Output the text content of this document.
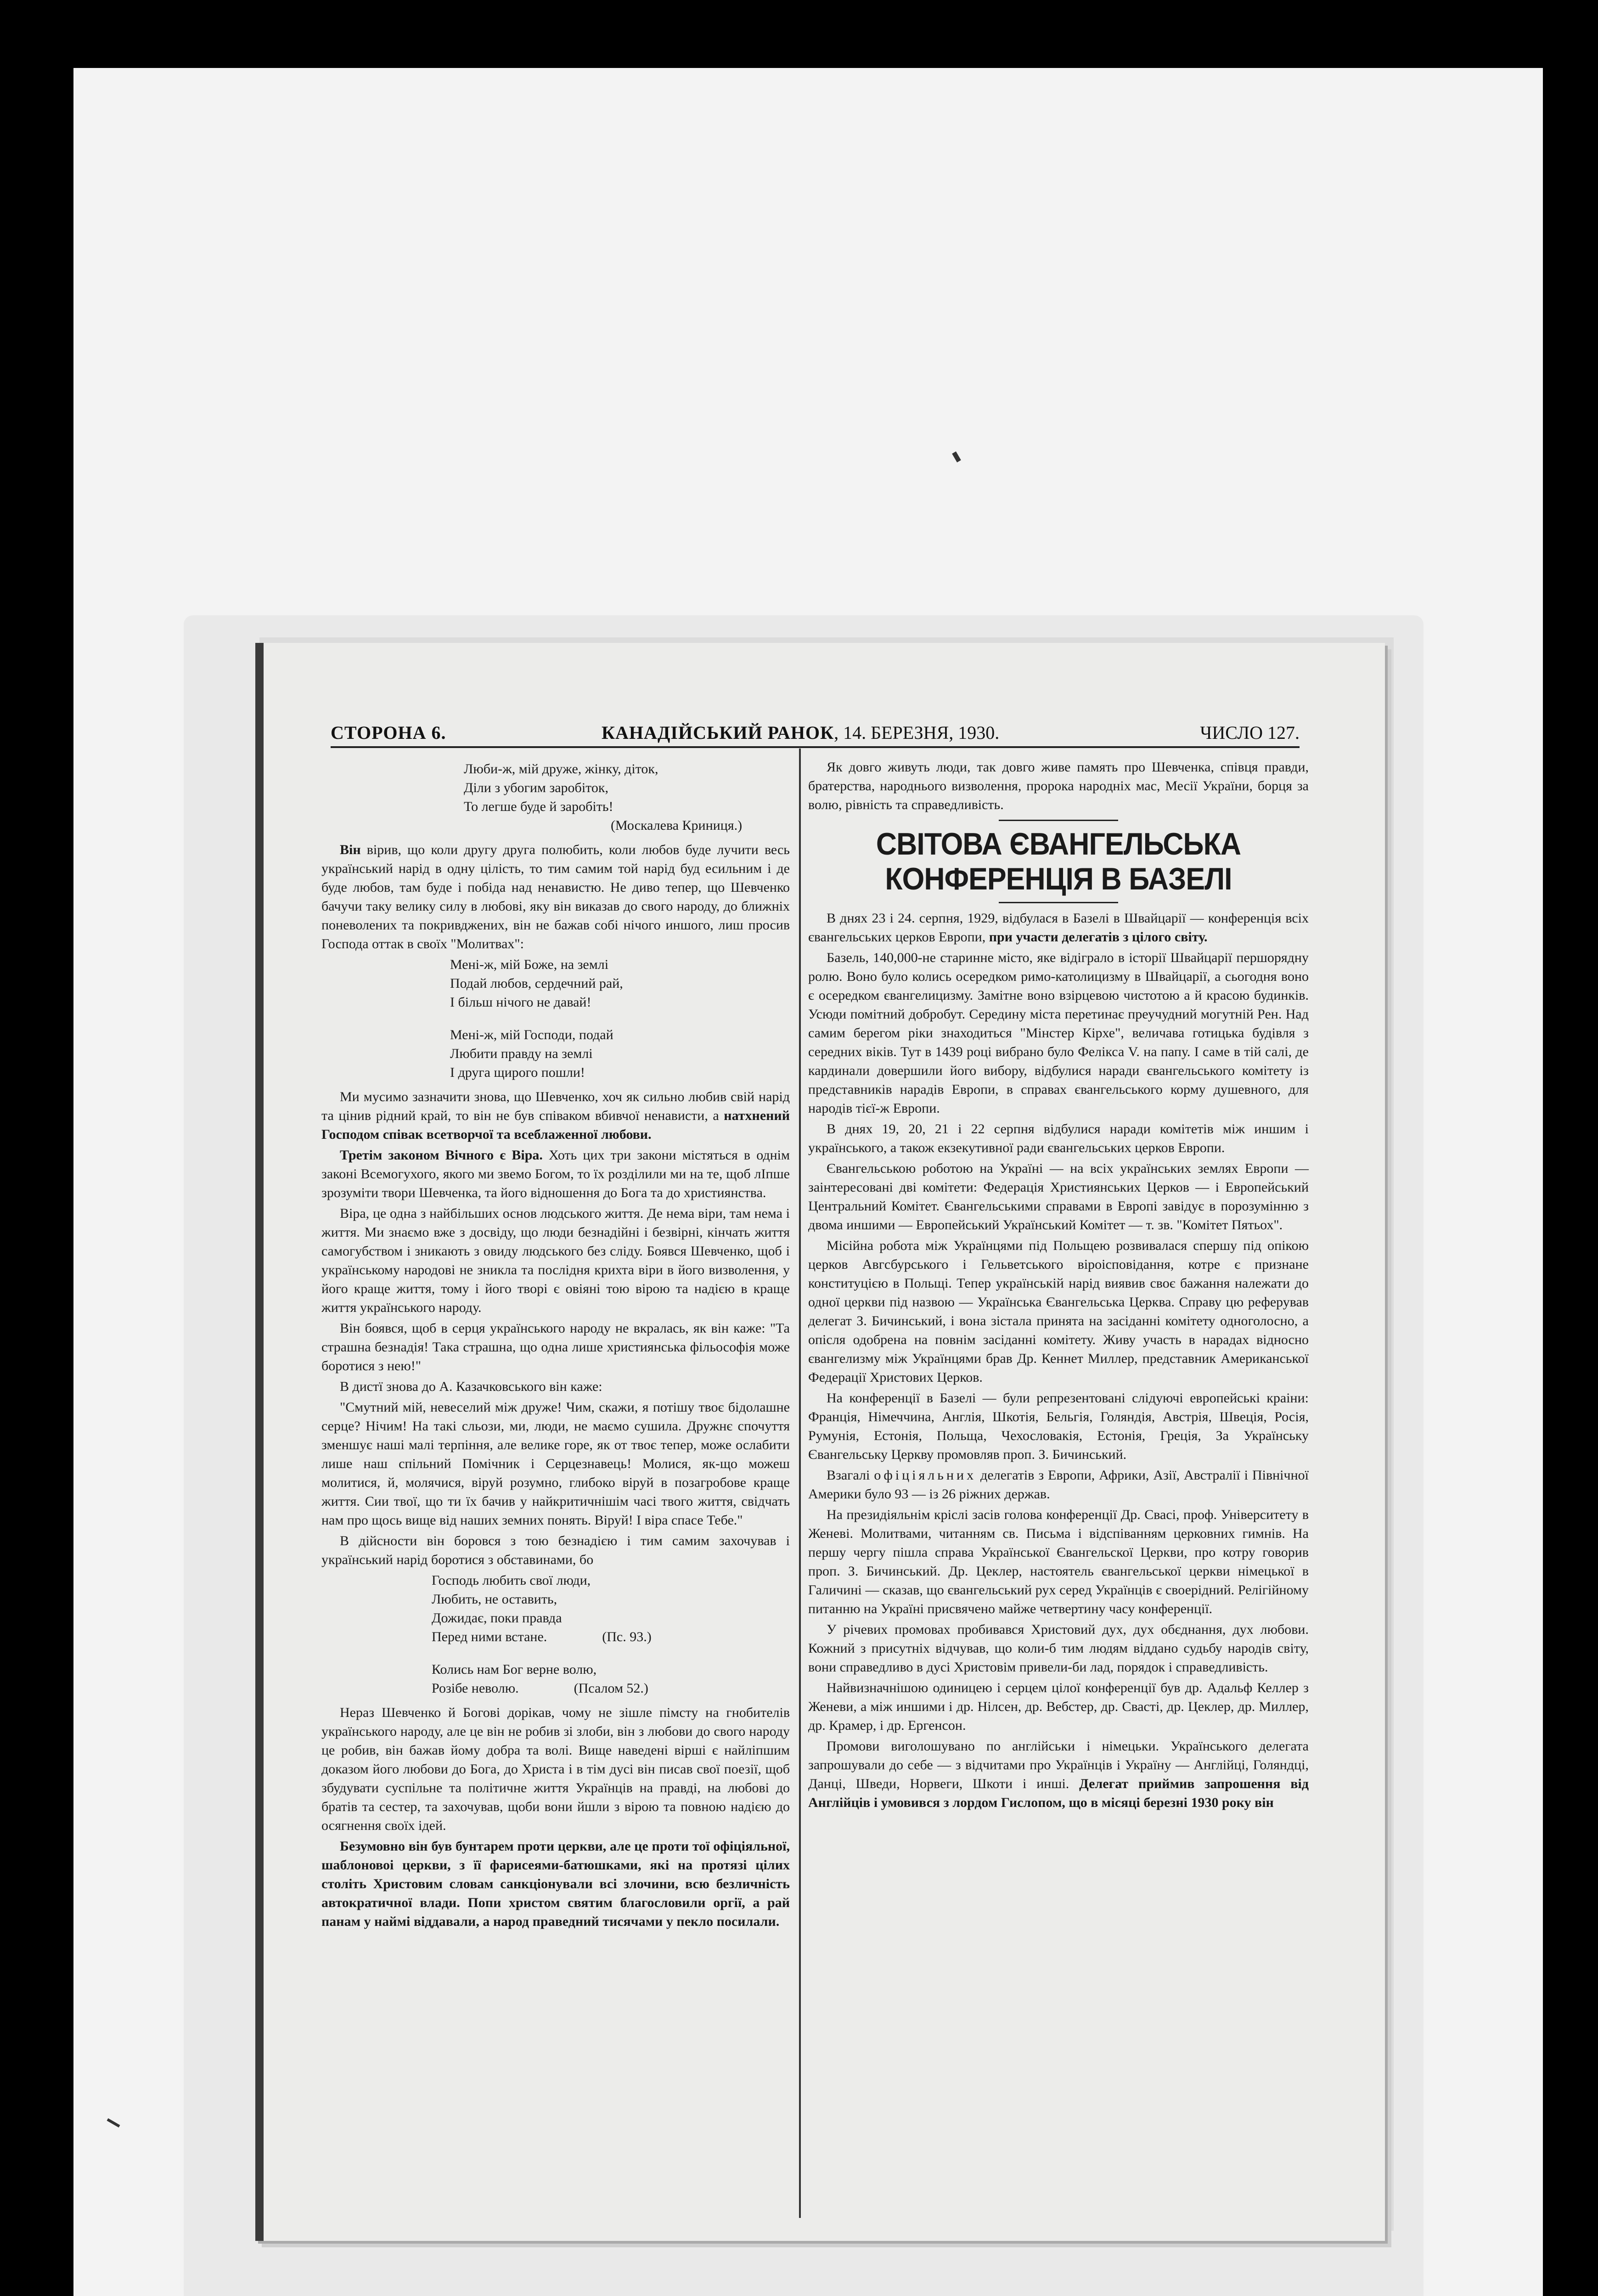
СТОРОНА 6.	КАНАДІЙСЬКИЙ РАНОК, 14. БЕРЕЗНЯ, 1930.	ЧИСЛО 127.
Люби-ж, мій друже, жінку, діток,
Діли з убогим заробіток,
То легше буде й заробіть!
(Москалева Криниця.)

Він вірив, що коли другу друга полюбить, коли любов буде лучити весь український нарід в одну цілість, то тим самим той нарід буд есильним і де буде любов, там буде і побіда над ненавистю. Не диво тепер, що Шевченко бачучи таку велику силу в любові, яку він виказав до свого народу, до ближніх поневолених та покривджених, він не бажав собі нічого иншого, лиш просив Господа оттак в своїх "Молитвах":

Мені-ж, мій Боже, на землі
Подай любов, сердечний рай,
І більш нічого не давай!
Мені-ж, мій Господи, подай
Любити правду на землі
І друга щирого пошли!

Ми мусимо зазначити знова, що Шевченко, хоч як сильно любив свій нарід та цінив рідний край, то він не був співаком вбивчої ненависти, а натхнений Господом співак всетворчої та всеблаженної любови.

Третім законом Вічного є Віра. Хоть цих три закони містяться в однім законі Всемогухого, якого ми звемо Богом, то їх розділили ми на те, щоб лІпше зрозуміти твори Шевченка, та його відношення до Бога та до християнства.

Віра, це одна з найбільших основ людського життя. Де нема віри, там нема і життя. Ми знаємо вже з досвіду, що люди безнадійні і безвірні, кінчать життя самогубством і зникають з овиду людського без сліду. Боявся Шевченко, щоб і українському народові не зникла та послідня крихта віри в його визволення, у його краще життя, тому і його творі є овіяні тою вірою та надією в краще життя українського народу.

Він боявся, щоб в серця українського народу не вкралась, як він каже: "Та страшна безнадія! Така страшна, що одна лише християнська фільософія може боротися з нею!"

В дистї знова до А. Казачковського він каже:

"Смутний мій, невеселий між друже! Чим, скажи, я потішу твоє бідолашне серце? Нічим! На такі сльози, ми, люди, не маємо сушила. Дружнє спочуття зменшує наші малі терпіння, але велике горе, як от твоє тепер, може ослабити лише наш спільний Помічник і Серцезнавець! Молися, як-що можеш молитися, й, молячися, віруй розумно, глибоко віруй в позагробове краще життя. Сии твої, що ти їх бачив у найкритичнішім часі твого життя, свідчать нам про щось вище від наших земних понять. Віруй! І віра спасе Тебе."

В дійсности він боровся з тою безнадією і тим самим захочував і український нарід боротися з обставинами, бо

Господь любить свої люди,
Любить, не оставить,
Дожидає, поки правда
Перед ними встане.	(Пс. 93.)
Колись нам Бог верне волю,
Розібе неволю.	(Псалом 52.)

Нераз Шевченко й Богові дорікав, чому не зішле пімсту на гнобителів українського народу, але це він не робив зі злоби, він з любови до свого народу це робив, він бажав йому добра та волі. Вище наведені вірші є найліпшим доказом його любови до Бога, до Христа і в тім дусі він писав свої поезії, щоб збудувати суспільне та політичне життя Українців на правді, на любові до братів та сестер, та захочував, щоби вони йшли з вірою та повною надією до осягнення своїх ідей.

Безумовно він був бунтарем проти церкви, але це проти тої офіціяльної, шаблоновоі церкви, з її фарисеями-батюшками, які на протязі цілих століть Христовим словам санкціонували всі злочини, всю безличність автократичної влади. Попи христом святим благословили оргії, а рай панам у наймі віддавали, а народ праведний тисячами у пекло посилали.

Як довго живуть люди, так довго живе память про Шевченка, співця правди, братерства, народнього визволення, пророка народніх мас, Месії України, борця за волю, рівність та справедливість.

СВІТОВА ЄВАНГЕЛЬСЬКА КОНФЕРЕНЦІЯ В БАЗЕЛІ

В днях 23 і 24. серпня, 1929, відбулася в Базелі в Швайцарії — конференція всіх євангельських церков Европи, при участи делегатів з цілого світу.

Базель, 140,000-не старинне місто, яке відіграло в історії Швайцарії першорядну ролю. Воно було колись осередком римо-католицизму в Швайцарії, а сьогодня воно є осередком євангелицизму. Замітне воно взірцевою чистотою а й красою будинків. Усюди помітний добробут. Середину міста перетинає преучудний могутній Рен. Над самим берегом ріки знаходиться "Мінстер Кірхе", величава готицька будівля з середних віків. Тут в 1439 році вибрано було Фелікса V. на папу. І саме в тій салі, де кардинали довершили його вибору, відбулися наради євангельського комітету із представників нарадів Европи, в справах євангельського корму душевного, для народів тієї-ж Европи.

В днях 19, 20, 21 і 22 серпня відбулися наради комітетів між иншим і українського, а також екзекутивної ради євангельських церков Европи.

Євангельською роботою на Україні — на всіх українських землях Европи — заінтересовані дві комітети: Федерація Християнських Церков — і Европейський Центральний Комітет. Євангельськими справами в Европі завідує в порозумінню з двома иншими — Европейський Український Комітет — т. зв. "Комітет Пятьох".

Місійна робота між Українцями під Польщею розвивалася спершу під опікою церков Авгсбурського і Гельветського віроісповідання, котре є признане конституцією в Польщі. Тепер українській нарід виявив своє бажання належати до одної церкви під назвою — Українська Євангельська Церква. Справу цю реферував делегат З. Бичинський, і вона зістала принята на засіданні комітету одноголосно, а опісля одобрена на повнім засіданні комітету. Живу участь в нарадах відносно євангелизму між Українцями брав Др. Кеннет Миллер, представник Американської Федерації Христових Церков.

На конференції в Базелі — були репрезентовані слідуючі европейські краіни: Франція, Німеччина, Англія, Шкотія, Бельгія, Голяндія, Австрія, Швеція, Росія, Румунія, Естонія, Польща, Чехословакія, Естонія, Греція, За Українську Євангельську Церкву промовляв проп. З. Бичинський.

Взагалі офіціяльних делегатів з Европи, Африки, Азії, Австралії і Північної Америки було 93 — із 26 ріжних держав.

На президіяльнім кріслі засів голова конференції Др. Свасі, проф. Університету в Женеві. Молитвами, читанням св. Письма і відспіванням церковних гимнів. На першу чергу пішла справа Української Євангельскої Церкви, про котру говорив проп. З. Бичинський. Др. Цеклер, настоятель євангельської церкви німецької в Галичині — сказав, що євангельський рух серед Українців є своерідний. Релігійному питанню на Україні присвячено майже четвертину часу конференції.

У річевих промовах пробивався Христовий дух, дух обєднання, дух любови. Кожний з присутніх відчував, що коли-б тим людям віддано судьбу народів світу, вони справедливо в дусі Христовім привели-би лад, порядок і справедливість.

Найвизначнішою одиницею і серцем цілої конференції був др. Адальф Келлер з Женеви, а між иншими і др. Нілсен, др. Вебстер, др. Свасті, др. Цеклер, др. Миллер, др. Крамер, і др. Ергенсон.

Промови виголошувано по англійськи і німецьки. Українського делегата запрошували до себе — з відчитами про Українців і Україну — Англійці, Голяндці, Данці, Шведи, Норвеги, Шкоти і инші. Делегат приймив запрошення від Англійців і умовився з лордом Гислопом, що в місяці березні 1930 року він
